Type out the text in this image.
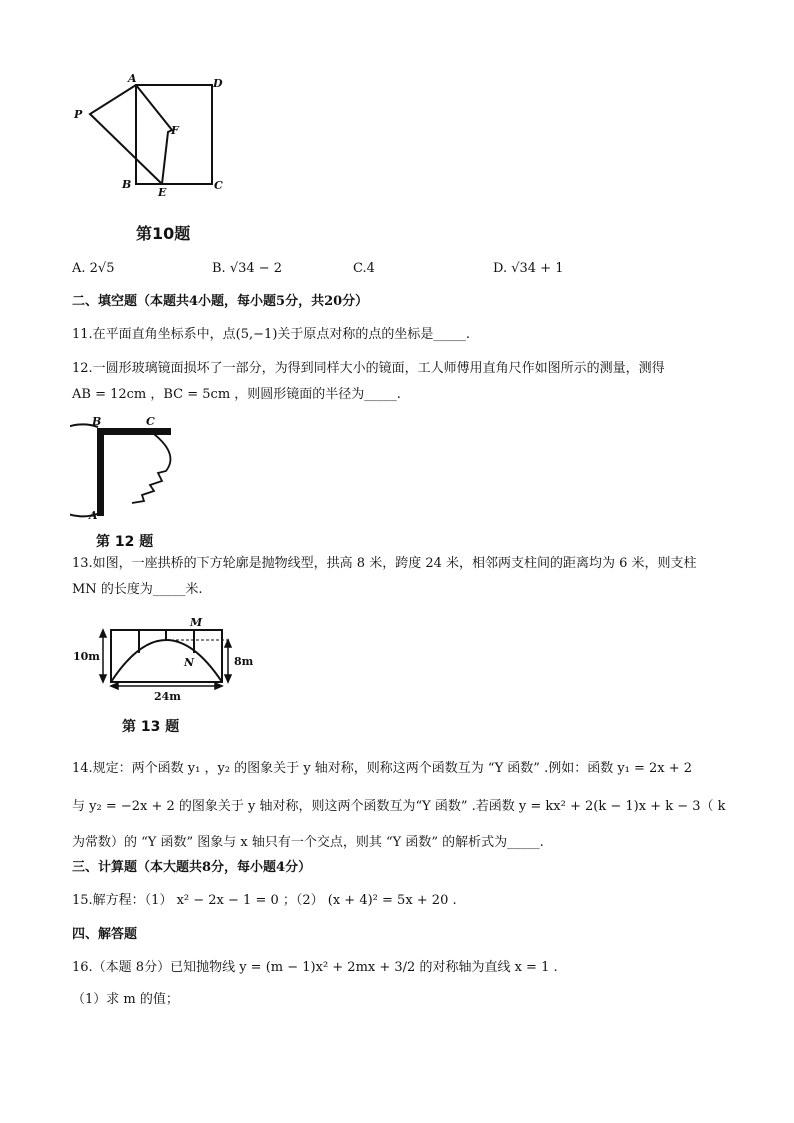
A	D
P
F
B
E
C
第10题
A. 2√5	B. √34 − 2	C.4	D. √34 + 1
二、填空题（本题共4小题，每小题5分，共20分）
11.在平面直角坐标系中，点(5,−1)关于原点对称的点的坐标是_____.
12.一圆形玻璃镜面损坏了一部分，为得到同样大小的镜面，工人师傅用直角尺作如图所示的测量，测得
AB = 12cm ，BC = 5cm ，则圆形镜面的半径为_____.
B	C
A
第 12 题
13.如图，一座拱桥的下方轮廓是抛物线型，拱高 8 米，跨度 24 米，相邻两支柱间的距离均为 6 米，则支柱
MN 的长度为_____米.
M
N
10m	8m
24m
第 13 题
14.规定：两个函数 y₁ ，y₂ 的图象关于 y 轴对称，则称这两个函数互为 “Y 函数” .例如：函数 y₁ = 2x + 2
与 y₂ = −2x + 2 的图象关于 y 轴对称，则这两个函数互为“Y 函数” .若函数 y = kx² + 2(k − 1)x + k − 3（ k
为常数）的 “Y 函数” 图象与 x 轴只有一个交点，则其 “Y 函数” 的解析式为_____.
三、计算题（本大题共8分，每小题4分）
15.解方程：（1） x² − 2x − 1 = 0 ；（2） (x + 4)² = 5x + 20 .
四、解答题
16.（本题 8分）已知抛物线 y = (m − 1)x² + 2mx + 3/2 的对称轴为直线 x = 1 .
（1）求 m 的值；
